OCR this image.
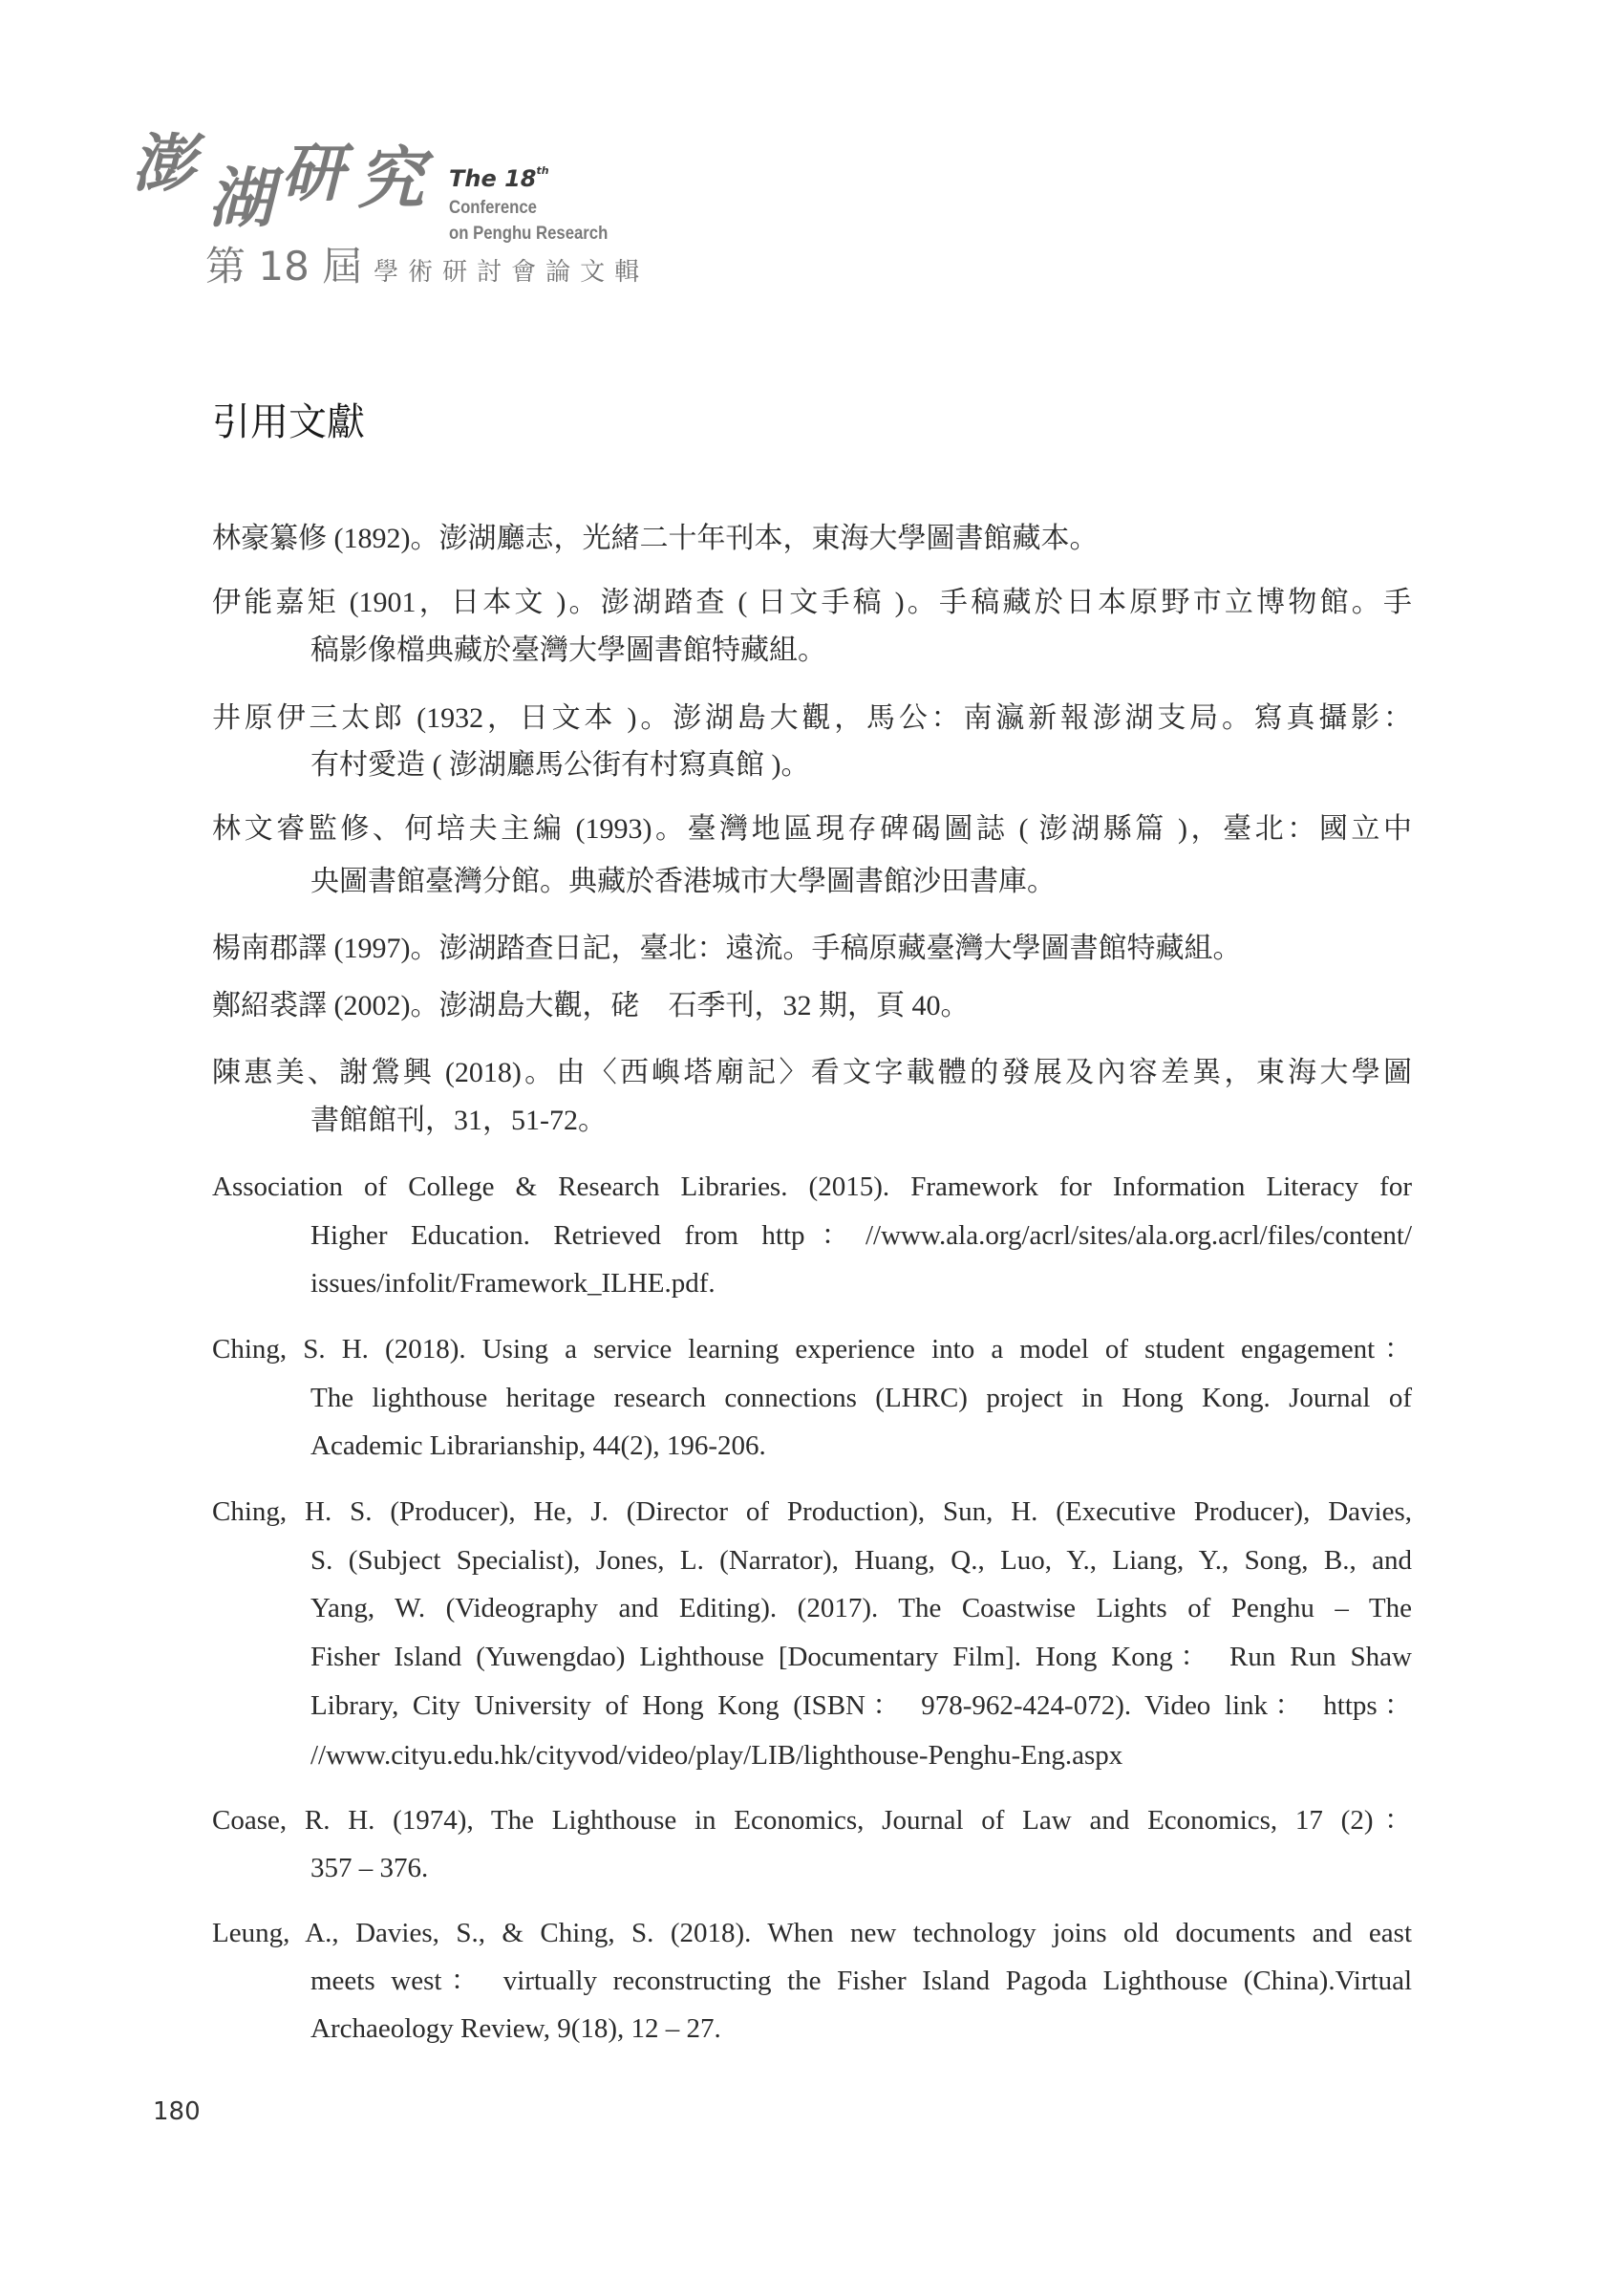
澎 湖 研 究 The 18th
Conference
on Penghu Research
第 18 屆 學術研討會論文輯
引用文獻
林豪纂修 (1892)。澎湖廳志，光緒二十年刊本，東海大學圖書館藏本。
伊能嘉矩 (1901，日本文 )。澎湖踏查 ( 日文手稿 )。手稿藏於日本原野市立博物館。手
稿影像檔典藏於臺灣大學圖書館特藏組。
井原伊三太郎 (1932，日文本 )。澎湖島大觀，馬公：南瀛新報澎湖支局。寫真攝影：
有村愛造 ( 澎湖廳馬公街有村寫真館 )。
林文睿監修、何培夫主編 (1993)。臺灣地區現存碑碣圖誌 ( 澎湖縣篇 )，臺北：國立中
央圖書館臺灣分館。典藏於香港城市大學圖書館沙田書庫。
楊南郡譯 (1997)。澎湖踏查日記，臺北：遠流。手稿原藏臺灣大學圖書館特藏組。
鄭紹裘譯 (2002)。澎湖島大觀，硓　石季刊，32 期，頁 40。
陳惠美、謝鶯興 (2018)。由〈西嶼塔廟記〉看文字載體的發展及內容差異，東海大學圖
書館館刊，31，51-72。
Association of College & Research Libraries. (2015). Framework for Information Literacy for
Higher Education. Retrieved from http：//www.ala.org/acrl/sites/ala.org.acrl/files/content/
issues/infolit/Framework_ILHE.pdf.
Ching, S. H. (2018). Using a service learning experience into a model of student engagement：
The lighthouse heritage research connections (LHRC) project in Hong Kong. Journal of
Academic Librarianship, 44(2), 196-206.
Ching, H. S. (Producer), He, J. (Director of Production), Sun, H. (Executive Producer), Davies,
S. (Subject Specialist), Jones, L. (Narrator), Huang, Q., Luo, Y., Liang, Y., Song, B., and
Yang, W. (Videography and Editing). (2017). The Coastwise Lights of Penghu – The
Fisher Island (Yuwengdao) Lighthouse [Documentary Film]. Hong Kong： Run Run Shaw
Library, City University of Hong Kong (ISBN： 978-962-424-072). Video link： https：
//www.cityu.edu.hk/cityvod/video/play/LIB/lighthouse-Penghu-Eng.aspx
Coase, R. H. (1974), The Lighthouse in Economics, Journal of Law and Economics, 17 (2)：
357 – 376.
Leung, A., Davies, S., & Ching, S. (2018). When new technology joins old documents and east
meets west： virtually reconstructing the Fisher Island Pagoda Lighthouse (China).Virtual
Archaeology Review, 9(18), 12 – 27.
180
